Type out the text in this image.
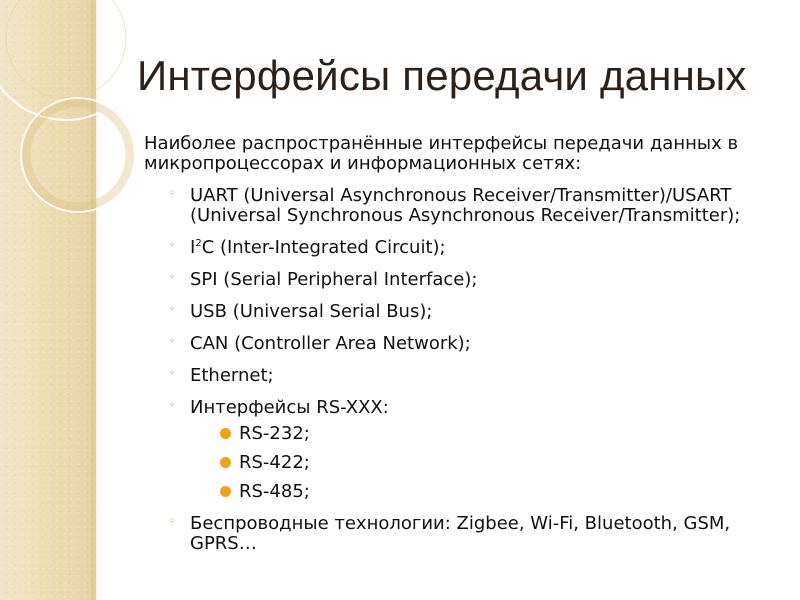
Интерфейсы передачи данных

Наиболее распространённые интерфейсы передачи данных в микропроцессорах и информационных сетях:

◦ UART (Universal Asynchronous Receiver/Transmitter)/USART (Universal Synchronous Asynchronous Receiver/Transmitter);
◦ $I^2C$ (Inter-Integrated Circuit);
◦ SPI (Serial Peripheral Interface);
◦ USB (Universal Serial Bus);
◦ CAN (Controller Area Network);
◦ Ethernet;
◦ Интерфейсы RS-XXX:
RS-232;
RS-422;
RS-485;
◦ Беспроводные технологии: Zigbee, Wi-Fi, Bluetooth, GSM, GPRS…
